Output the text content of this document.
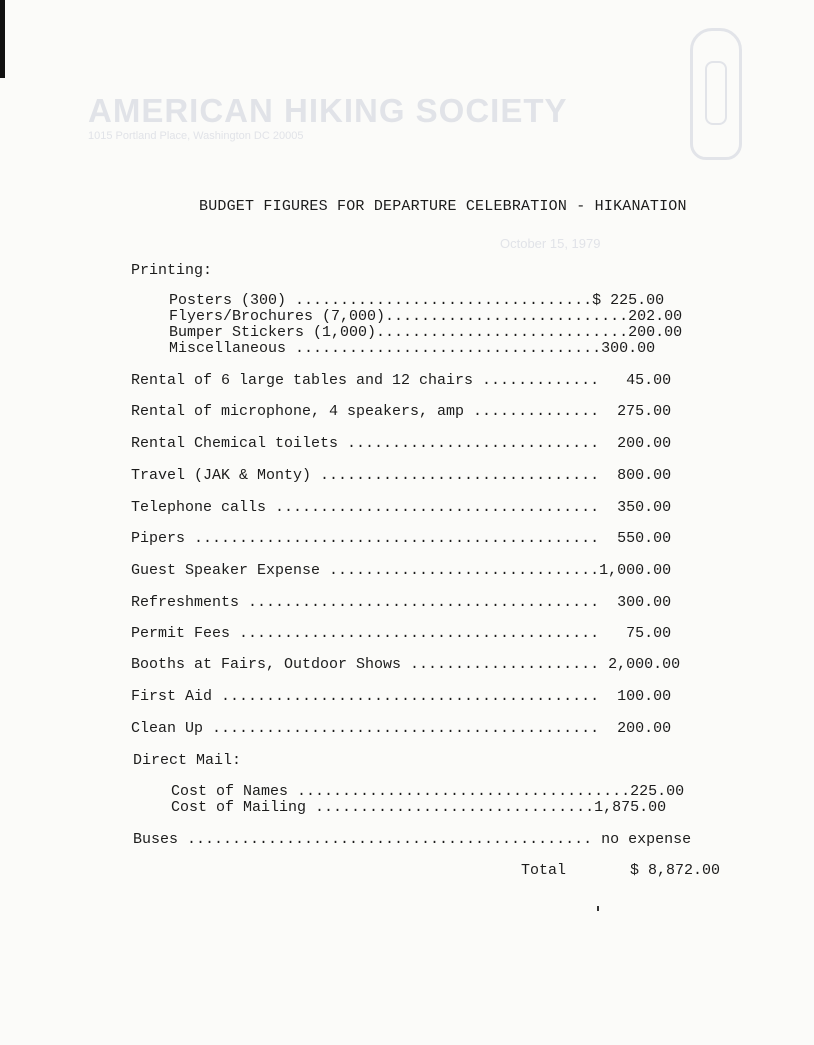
AMERICAN HIKING SOCIETY
1015 Portland Place, Washington DC 20005
October 15, 1979
BUDGET FIGURES FOR DEPARTURE CELEBRATION - HIKANATION
Printing:
Posters (300) .................................$ 225.00
Flyers/Brochures (7,000)...........................202.00
Bumper Stickers (1,000)............................200.00
Miscellaneous ..................................300.00
Rental of 6 large tables and 12 chairs .............   45.00
Rental of microphone, 4 speakers, amp ..............  275.00
Rental Chemical toilets ............................  200.00
Travel (JAK & Monty) ...............................  800.00
Telephone calls ....................................  350.00
Pipers .............................................  550.00
Guest Speaker Expense ..............................1,000.00
Refreshments .......................................  300.00
Permit Fees ........................................   75.00
Booths at Fairs, Outdoor Shows ..................... 2,000.00
First Aid ..........................................  100.00
Clean Up ...........................................  200.00
Direct Mail:
Cost of Names .....................................225.00
Cost of Mailing ...............................1,875.00
Buses ............................................. no expense
Total	$ 8,872.00
